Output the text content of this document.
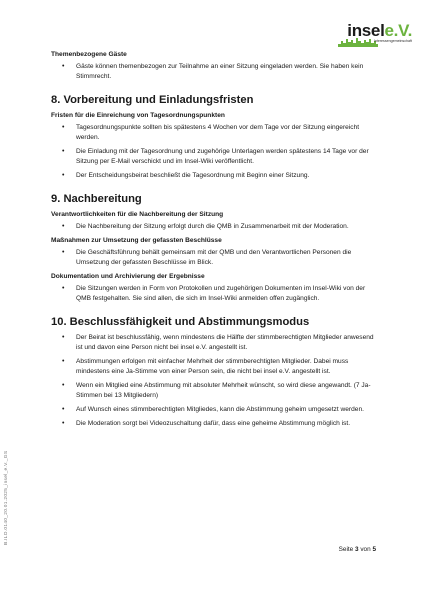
insele.V.
Interessengemeinschaft

Themenbezogene Gäste

• Gäste können themenbezogen zur Teilnahme an einer Sitzung eingeladen werden. Sie haben kein Stimmrecht.
8. Vorbereitung und Einladungsfristen

Fristen für die Einreichung von Tagesordnungspunkten

• Tagesordnungspunkte sollten bis spätestens 4 Wochen vor dem Tage vor der Sitzung eingereicht werden.
• Die Einladung mit der Tagesordnung und zugehörige Unterlagen werden spätestens 14 Tage vor der Sitzung per E-Mail verschickt und im Insel-Wiki veröffentlicht.
• Der Entscheidungsbeirat beschließt die Tagesordnung mit Beginn einer Sitzung.
9. Nachbereitung

Verantwortlichkeiten für die Nachbereitung der Sitzung

• Die Nachbereitung der Sitzung erfolgt durch die QMB in Zusammenarbeit mit der Moderation.

Maßnahmen zur Umsetzung der gefassten Beschlüsse

• Die Geschäftsführung behält gemeinsam mit der QMB und den Verantwortlichen Personen die Umsetzung der gefassten Beschlüsse im Blick.

Dokumentation und Archivierung der Ergebnisse

• Die Sitzungen werden in Form von Protokollen und zugehörigen Dokumenten im Insel-Wiki von der QMB festgehalten. Sie sind allen, die sich im Insel-Wiki anmelden offen zugänglich.
10. Beschlussfähigkeit und Abstimmungsmodus
• Der Beirat ist beschlussfähig, wenn mindestens die Hälfte der stimmberechtigten Mitglieder anwesend ist und davon eine Person nicht bei insel e.V. angestellt ist.
• Abstimmungen erfolgen mit einfacher Mehrheit der stimmberechtigten Mitglieder. Dabei muss mindestens eine Ja-Stimme von einer Person sein, die nicht bei insel e.V. angestellt ist.
• Wenn ein Mitglied eine Abstimmung mit absoluter Mehrheit wünscht, so wird diese angewandt. (7 Ja-Stimmen bei 13 Mitgliedern)
• Auf Wunsch eines stimmberechtigten Mitgliedes, kann die Abstimmung geheim umgesetzt werden.
• Die Moderation sorgt bei Videozuschaltung dafür, dass eine geheime Abstimmung möglich ist.
Seite 3 von 5
B.ILO.0140_20.01.2025_insel_e.V._GS
